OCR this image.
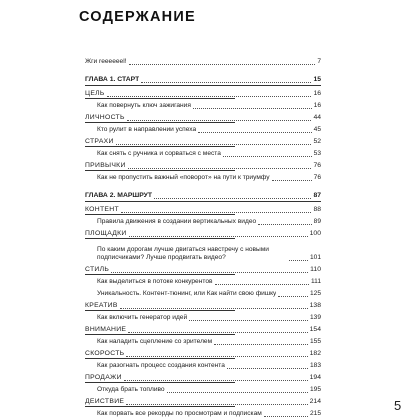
СОДЕРЖАНИЕ
Жги rееееееl!	7
ГЛАВА 1. СТАРТ	15
ЦЕЛЬ	16
Как повернуть ключ зажигания	16
ЛИЧНОСТЬ	44
Кто рулит в направлении успеха	45
СТРАХИ	52
Как снять с ручника и сорваться с места	53
ПРИВЫЧКИ	76
Как не пропустить важный «поворот» на пути к триумфу	76
ГЛАВА 2. МАРШРУТ	87
КОНТЕНТ	88
Правила движения в создании вертикальных видео	89
ПЛОЩАДКИ	100
По каким дорогам лучше двигаться навстречу с новыми подписчиками? Лучше продвигать видео?	101
СТИЛЬ	110
Как выделиться в потоке конкурентов	111
Уникальность. Контент-тюнинг, или Как найти свою фишку	125
КРЕАТИВ	138
Как включить генератор идей	139
ВНИМАНИЕ	154
Как наладить сцепление со зрителем	155
СКОРОСТЬ	182
Как разогнать процесс создания контента	183
ПРОДАЖИ	194
Откуда брать топливо	195
ДЕЙСТВИЕ	214
Как порвать все рекорды по просмотрам и подпискам	215
5
